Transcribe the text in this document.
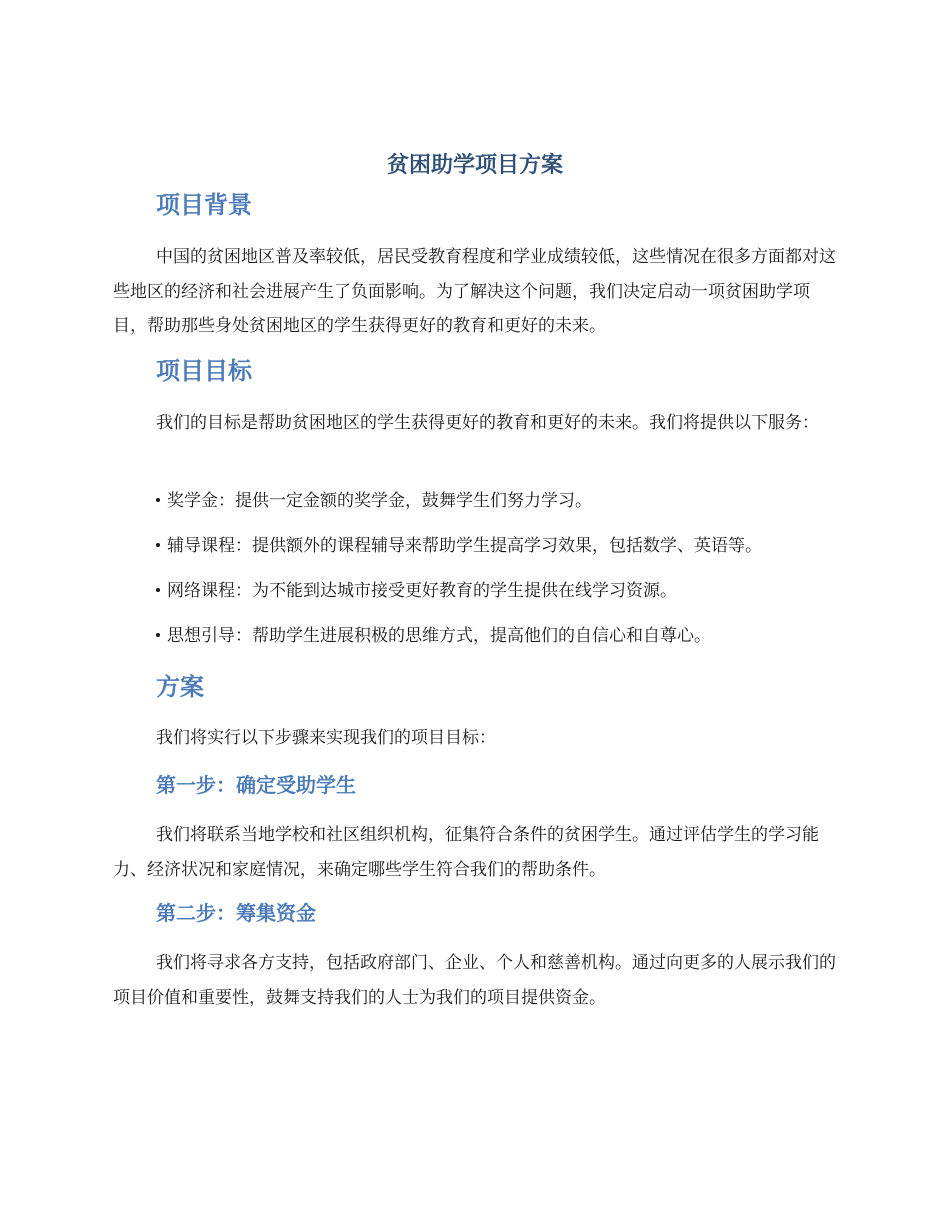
贫困助学项目方案
项目背景

中国的贫困地区普及率较低，居民受教育程度和学业成绩较低，这些情况在很多方面都对这些地区的经济和社会进展产生了负面影响。为了解决这个问题，我们决定启动一项贫困助学项目，帮助那些身处贫困地区的学生获得更好的教育和更好的未来。

项目目标

我们的目标是帮助贫困地区的学生获得更好的教育和更好的未来。我们将提供以下服务：

奖学金：提供一定金额的奖学金，鼓舞学生们努力学习。
辅导课程：提供额外的课程辅导来帮助学生提高学习效果，包括数学、英语等。
网络课程：为不能到达城市接受更好教育的学生提供在线学习资源。
思想引导：帮助学生进展积极的思维方式，提高他们的自信心和自尊心。
方案

我们将实行以下步骤来实现我们的项目目标：

第一步：确定受助学生

我们将联系当地学校和社区组织机构，征集符合条件的贫困学生。通过评估学生的学习能力、经济状况和家庭情况，来确定哪些学生符合我们的帮助条件。

第二步：筹集资金

我们将寻求各方支持，包括政府部门、企业、个人和慈善机构。通过向更多的人展示我们的项目价值和重要性，鼓舞支持我们的人士为我们的项目提供资金。
